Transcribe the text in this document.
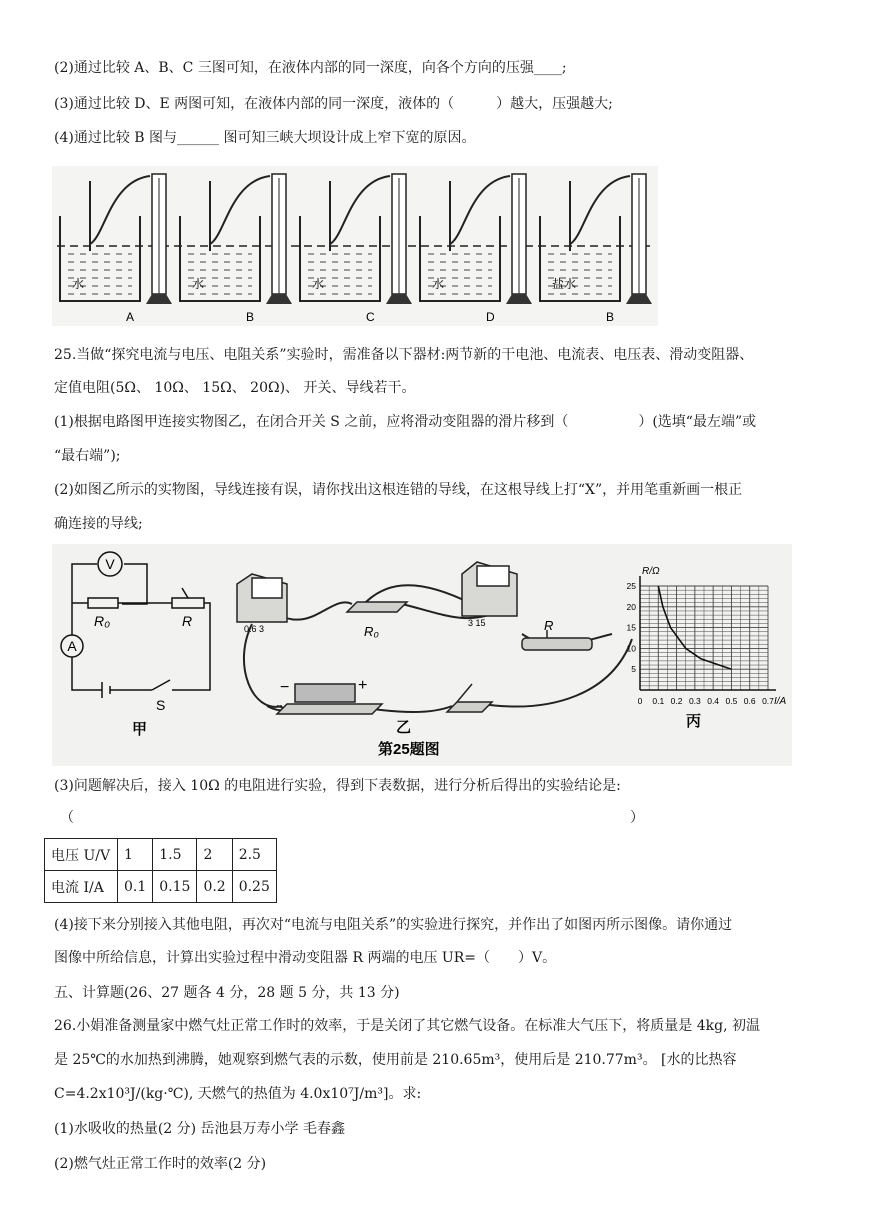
(2)通过比较 A、B、C 三图可知，在液体内部的同一深度，向各个方向的压强____;
(3)通过比较 D、E 两图可知，在液体内部的同一深度，液体的（　　　）越大，压强越大;
(4)通过比较 B 图与______ 图可知三峡大坝设计成上窄下宽的原因。
水
A
水
B
水
C
水
D
盐水
B
25.当做“探究电流与电压、电阻关系”实验时，需准备以下器材:两节新的干电池、电流表、电压表、滑动变阻器、
定值电阻(5Ω、 10Ω、 15Ω、 20Ω)、 开关、导线若干。
(1)根据电路图甲连接实物图乙，在闭合开关 S 之前，应将滑动变阻器的滑片移到（　　　　　）(选填“最左端”或
“最右端”);
(2)如图乙所示的实物图，导线连接有误，请你找出这根连错的导线，在这根导线上打“X”，并用笔重新画一根正
确连接的导线;
V
A
R₀	R
S
甲
0.6 3
3 15
R₀	R
−	+
乙
第25题图
0 0.1 0.2 0.3 0.4 0.5 0.6 0.7
5
10
15
20
25
R/Ω
I/A
丙
(3)问题解决后，接入 10Ω 的电阻进行实验，得到下表数据，进行分析后得出的实验结论是:
（	）
电压 U/V	1	1.5	2	2.5
电流 I/A	0.1	0.15	0.2	0.25
(4)接下来分别接入其他电阻，再次对“电流与电阻关系”的实验进行探究，并作出了如图丙所示图像。请你通过
图像中所给信息，计算出实验过程中滑动变阻器 R 两端的电压 UR=（　　）V。
五、计算题(26、27 题各 4 分，28 题 5 分，共 13 分)
26.小娟准备测量家中燃气灶正常工作时的效率，于是关闭了其它燃气设备。在标准大气压下，将质量是 4kg, 初温
是 25℃的水加热到沸腾，她观察到燃气表的示数，使用前是 210.65m³，使用后是 210.77m³。 [水的比热容
C=4.2x10³J/(kg·℃), 天燃气的热值为 4.0x10⁷J/m³]。求:
(1)水吸收的热量(2 分) 岳池县万寿小学 毛春鑫
(2)燃气灶正常工作时的效率(2 分)
